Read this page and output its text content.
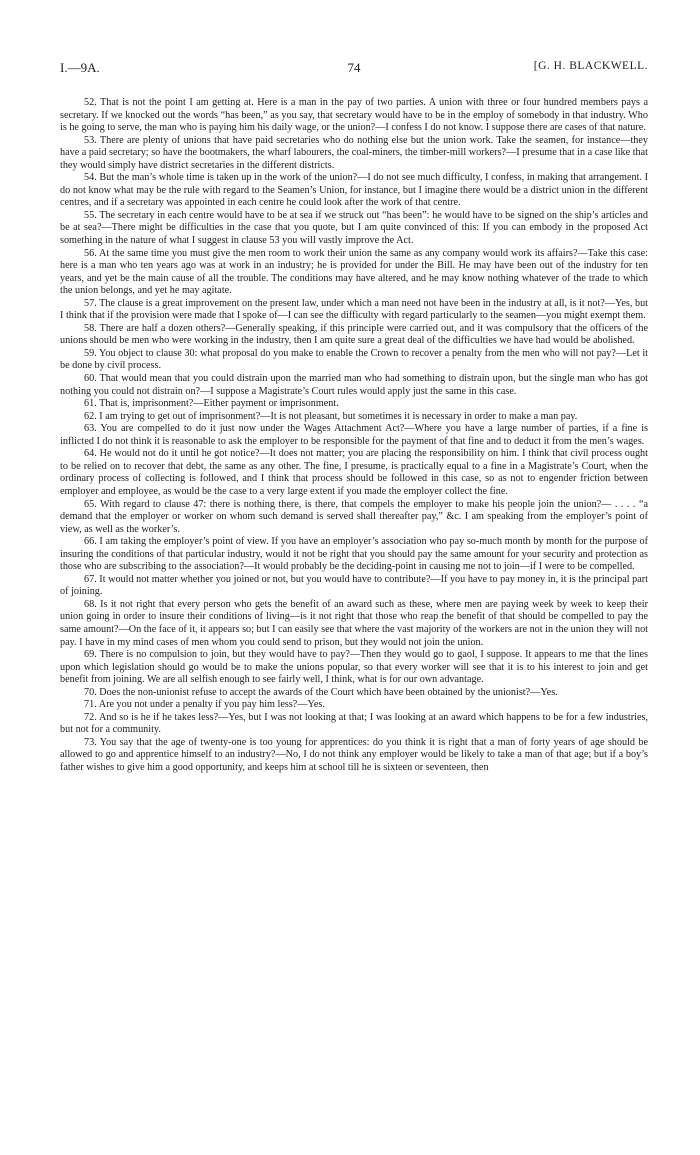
I.—9A.	74	[G. H. BLACKWELL.

52. That is not the point I am getting at. Here is a man in the pay of two parties. A union with three or four hundred members pays a secretary. If we knocked out the words “has been,” as you say, that secretary would have to be in the employ of somebody in that industry. Who is he going to serve, the man who is paying him his daily wage, or the union?—I confess I do not know. I suppose there are cases of that nature.

53. There are plenty of unions that have paid secretaries who do nothing else but the union work. Take the seamen, for instance—they have a paid secretary; so have the bootmakers, the wharf labourers, the coal-miners, the timber-mill workers?—I presume that in a case like that they would simply have district secretaries in the different districts.

54. But the man’s whole time is taken up in the work of the union?—I do not see much difficulty, I confess, in making that arrangement. I do not know what may be the rule with regard to the Seamen’s Union, for instance, but I imagine there would be a district union in the different centres, and if a secretary was appointed in each centre he could look after the work of that centre.

55. The secretary in each centre would have to be at sea if we struck out “has been”: he would have to be signed on the ship’s articles and be at sea?—There might be difficulties in the case that you quote, but I am quite convinced of this: If you can embody in the proposed Act something in the nature of what I suggest in clause 53 you will vastly improve the Act.

56. At the same time you must give the men room to work their union the same as any company would work its affairs?—Take this case: here is a man who ten years ago was at work in an industry; he is provided for under the Bill. He may have been out of the industry for ten years, and yet be the main cause of all the trouble. The conditions may have altered, and he may know nothing whatever of the trade to which the union belongs, and yet he may agitate.

57. The clause is a great improvement on the present law, under which a man need not have been in the industry at all, is it not?—Yes, but I think that if the provision were made that I spoke of—I can see the difficulty with regard particularly to the seamen—you might exempt them.

58. There are half a dozen others?—Generally speaking, if this principle were carried out, and it was compulsory that the officers of the unions should be men who were working in the industry, then I am quite sure a great deal of the difficulties we have had would be abolished.

59. You object to clause 30: what proposal do you make to enable the Crown to recover a penalty from the men who will not pay?—Let it be done by civil process.

60. That would mean that you could distrain upon the married man who had something to distrain upon, but the single man who has got nothing you could not distrain on?—I suppose a Magistrate’s Court rules would apply just the same in this case.

61. That is, imprisonment?—Either payment or imprisonment.

62. I am trying to get out of imprisonment?—It is not pleasant, but sometimes it is necessary in order to make a man pay.

63. You are compelled to do it just now under the Wages Attachment Act?—Where you have a large number of parties, if a fine is inflicted I do not think it is reasonable to ask the employer to be responsible for the payment of that fine and to deduct it from the men’s wages.

64. He would not do it until he got notice?—It does not matter; you are placing the responsibility on him. I think that civil process ought to be relied on to recover that debt, the same as any other. The fine, I presume, is practically equal to a fine in a Magistrate’s Court, when the ordinary process of collecting is followed, and I think that process should be followed in this case, so as not to engender friction between employer and employee, as would be the case to a very large extent if you made the employer collect the fine.

65. With regard to clause 47: there is nothing there, is there, that compels the employer to make his people join the union?— . . . . “a demand that the employer or worker on whom such demand is served shall thereafter pay,” &c. I am speaking from the employer’s point of view, as well as the worker’s.

66. I am taking the employer’s point of view. If you have an employer’s association who pay so-much month by month for the purpose of insuring the conditions of that particular industry, would it not be right that you should pay the same amount for your security and protection as those who are subscribing to the association?—It would probably be the deciding-point in causing me not to join—if I were to be compelled.

67. It would not matter whether you joined or not, but you would have to contribute?—If you have to pay money in, it is the principal part of joining.

68. Is it not right that every person who gets the benefit of an award such as these, where men are paying week by week to keep their union going in order to insure their conditions of living—is it not right that those who reap the benefit of that should be compelled to pay the same amount?—On the face of it, it appears so; but I can easily see that where the vast majority of the workers are not in the union they will not pay. I have in my mind cases of men whom you could send to prison, but they would not join the union.

69. There is no compulsion to join, but they would have to pay?—Then they would go to gaol, I suppose. It appears to me that the lines upon which legislation should go would be to make the unions popular, so that every worker will see that it is to his interest to join and get benefit from joining. We are all selfish enough to see fairly well, I think, what is for our own advantage.

70. Does the non-unionist refuse to accept the awards of the Court which have been obtained by the unionist?—Yes.

71. Are you not under a penalty if you pay him less?—Yes.

72. And so is he if he takes less?—Yes, but I was not looking at that; I was looking at an award which happens to be for a few industries, but not for a community.

73. You say that the age of twenty-one is too young for apprentices: do you think it is right that a man of forty years of age should be allowed to go and apprentice himself to an industry?—No, I do not think any employer would be likely to take a man of that age; but if a boy’s father wishes to give him a good opportunity, and keeps him at school till he is sixteen or seventeen, then
